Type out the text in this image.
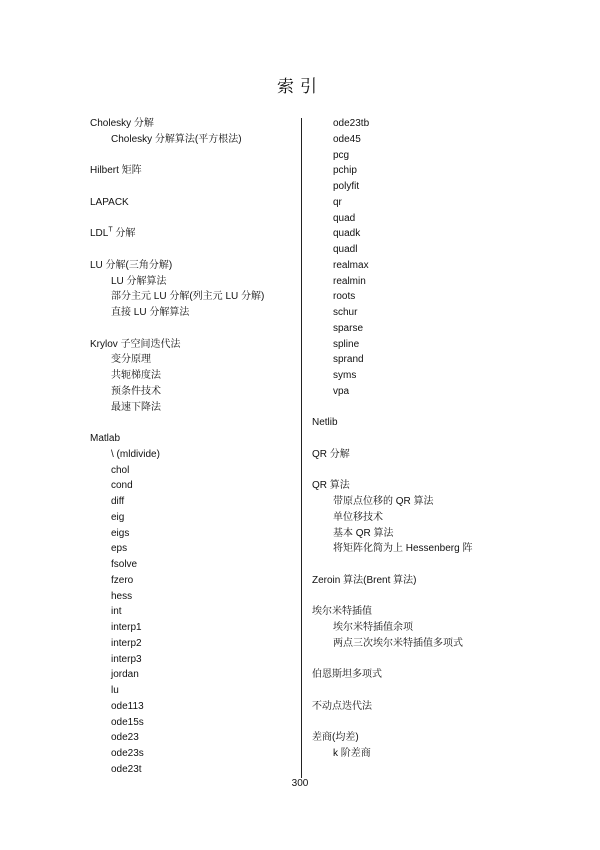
索引
Cholesky 分解
Cholesky 分解算法(平方根法)
Hilbert 矩阵
LAPACK
$LDL^T$ 分解
LU 分解(三角分解)
LU 分解算法
部分主元 LU 分解(列主元 LU 分解)
直接 LU 分解算法
Krylov 子空间迭代法
变分原理
共轭梯度法
预条件技术
最速下降法
Matlab
\ (mldivide)
chol
cond
diff
eig
eigs
eps
fsolve
fzero
hess
int
interp1
interp2
interp3
jordan
lu
ode113
ode15s
ode23
ode23s
ode23t
ode23tb
ode45
pcg
pchip
polyfit
qr
quad
quadk
quadl
realmax
realmin
roots
schur
sparse
spline
sprand
syms
vpa
Netlib
QR 分解
QR 算法
带原点位移的 QR 算法
单位移技术
基本 QR 算法
将矩阵化简为上 Hessenberg 阵
Zeroin 算法(Brent 算法)
埃尔米特插值
埃尔米特插值余项
两点三次埃尔米特插值多项式
伯恩斯坦多项式
不动点迭代法
差商(均差)
k 阶差商
300
